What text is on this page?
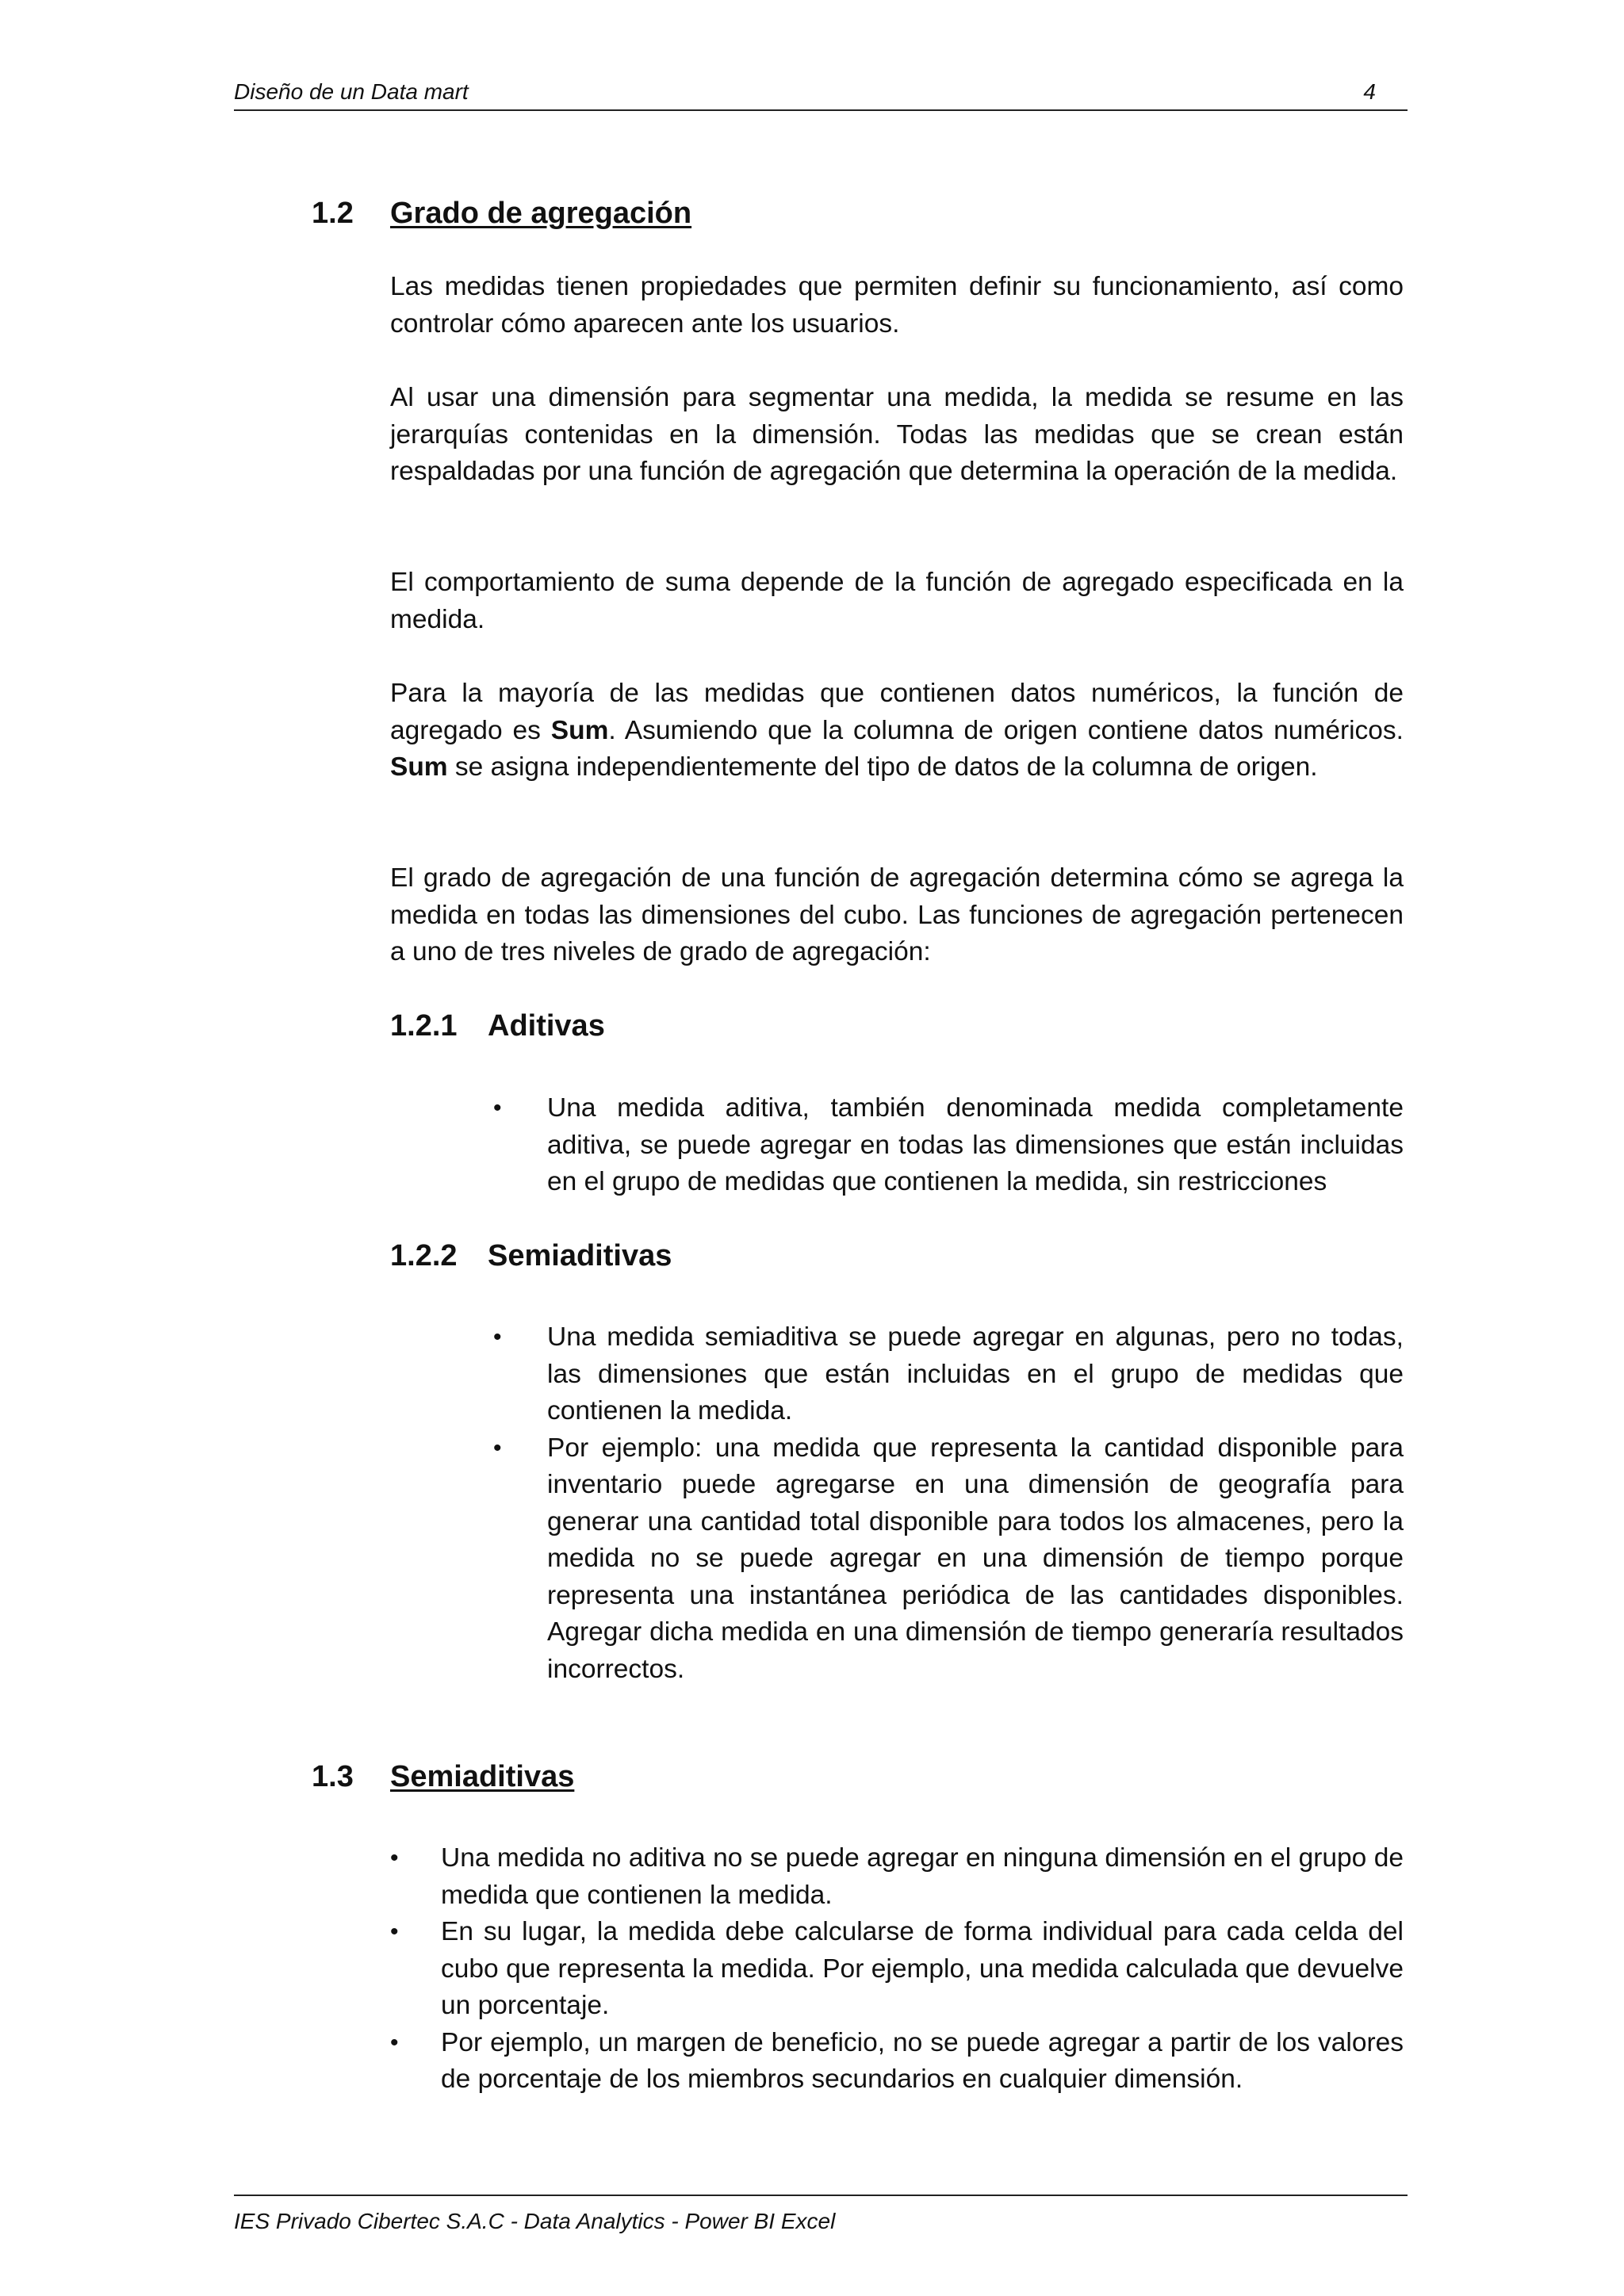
Diseño de un Data mart	4
1.2 Grado de agregación

Las medidas tienen propiedades que permiten definir su funcionamiento, así como controlar cómo aparecen ante los usuarios.

Al usar una dimensión para segmentar una medida, la medida se resume en las jerarquías contenidas en la dimensión. Todas las medidas que se crean están respaldadas por una función de agregación que determina la operación de la medida.

El comportamiento de suma depende de la función de agregado especificada en la medida.

Para la mayoría de las medidas que contienen datos numéricos, la función de agregado es Sum. Asumiendo que la columna de origen contiene datos numéricos. Sum se asigna independientemente del tipo de datos de la columna de origen.

El grado de agregación de una función de agregación determina cómo se agrega la medida en todas las dimensiones del cubo. Las funciones de agregación pertenecen a uno de tres niveles de grado de agregación:

1.2.1 Aditivas
• Una medida aditiva, también denominada medida completamente aditiva, se puede agregar en todas las dimensiones que están incluidas en el grupo de medidas que contienen la medida, sin restricciones
1.2.2 Semiaditivas
• Una medida semiaditiva se puede agregar en algunas, pero no todas, las dimensiones que están incluidas en el grupo de medidas que contienen la medida.
• Por ejemplo: una medida que representa la cantidad disponible para inventario puede agregarse en una dimensión de geografía para generar una cantidad total disponible para todos los almacenes, pero la medida no se puede agregar en una dimensión de tiempo porque representa una instantánea periódica de las cantidades disponibles. Agregar dicha medida en una dimensión de tiempo generaría resultados incorrectos.
1.3 Semiaditivas
• Una medida no aditiva no se puede agregar en ninguna dimensión en el grupo de medida que contienen la medida.
• En su lugar, la medida debe calcularse de forma individual para cada celda del cubo que representa la medida. Por ejemplo, una medida calculada que devuelve un porcentaje.
• Por ejemplo, un margen de beneficio, no se puede agregar a partir de los valores de porcentaje de los miembros secundarios en cualquier dimensión.
IES Privado Cibertec S.A.C - Data Analytics - Power BI Excel
